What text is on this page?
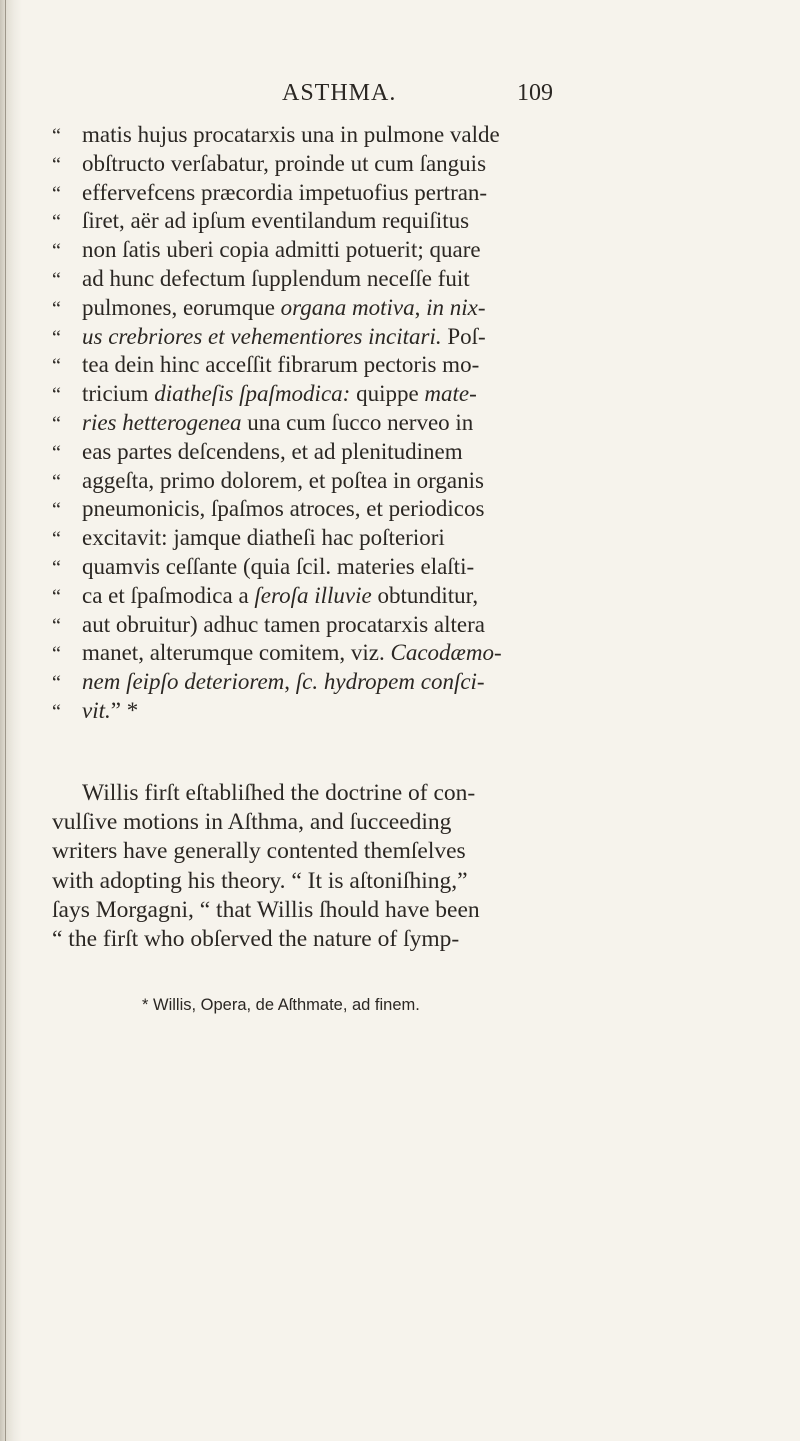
ASTHMA.	109
“ matis hujus procatarxis una in pulmone valde
“ obſtructo verſabatur, proinde ut cum ſanguis
“ effervefcens præcordia impetuofius pertran-
“ ſiret, aër ad ipſum eventilandum requiſitus
“ non ſatis uberi copia admitti potuerit; quare
“ ad hunc defectum ſupplendum neceſſe fuit
“ pulmones, eorumque organa motiva, in nix-
“ us crebriores et vehementiores incitari. Poſ-
“ tea dein hinc acceſſit fibrarum pectoris mo-
“ tricium diatheſis ſpaſmodica: quippe mate-
“ ries hetterogenea una cum ſucco nerveo in
“ eas partes deſcendens, et ad plenitudinem
“ aggeſta, primo dolorem, et poſtea in organis
“ pneumonicis, ſpaſmos atroces, et periodicos
“ excitavit: jamque diatheſi hac poſteriori
“ quamvis ceſſante (quia ſcil. materies elaſti-
“ ca et ſpaſmodica a ſeroſa illuvie obtunditur,
“ aut obruitur) adhuc tamen procatarxis altera
“ manet, alterumque comitem, viz. Cacodæmo-
“ nem ſeipſo deteriorem, ſc. hydropem conſci-
“ vit.” *
Willis firſt eſtabliſhed the doctrine of con-
vulſive motions in Aſthma, and ſucceeding
writers have generally contented themſelves
with adopting his theory. “ It is aſtoniſhing,”
ſays Morgagni, “ that Willis ſhould have been
“ the firſt who obſerved the nature of ſymp-
* Willis, Opera, de Aſthmate, ad finem.
